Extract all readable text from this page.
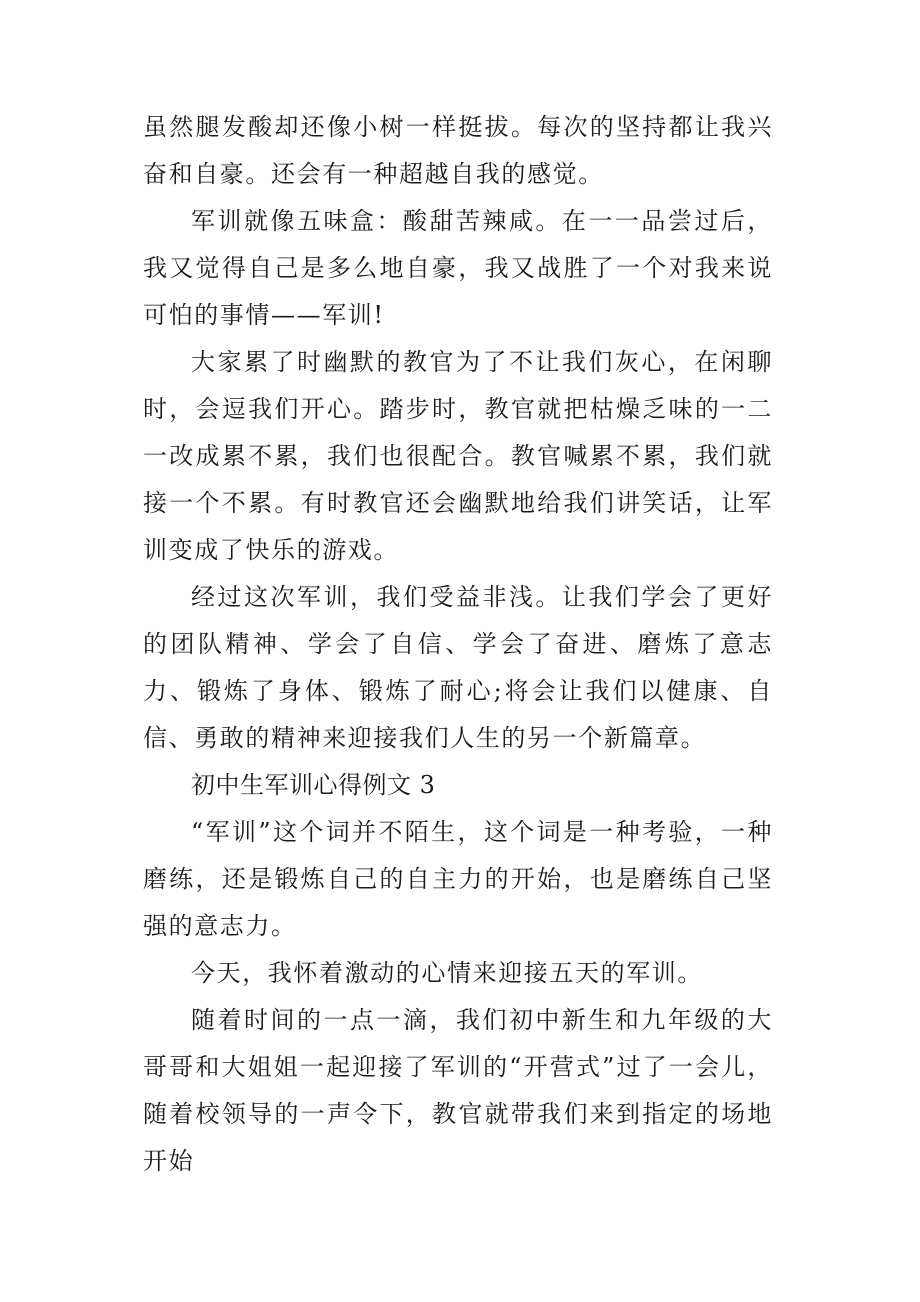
虽然腿发酸却还像小树一样挺拔。每次的坚持都让我兴奋和自豪。还会有一种超越自我的感觉。

军训就像五味盒：酸甜苦辣咸。在一一品尝过后，我又觉得自己是多么地自豪，我又战胜了一个对我来说可怕的事情——军训!

大家累了时幽默的教官为了不让我们灰心，在闲聊时，会逗我们开心。踏步时，教官就把枯燥乏味的一二一改成累不累，我们也很配合。教官喊累不累，我们就接一个不累。有时教官还会幽默地给我们讲笑话，让军训变成了快乐的游戏。

经过这次军训，我们受益非浅。让我们学会了更好的团队精神、学会了自信、学会了奋进、磨炼了意志力、锻炼了身体、锻炼了耐心;将会让我们以健康、自信、勇敢的精神来迎接我们人生的另一个新篇章。

初中生军训心得例文 3

“军训”这个词并不陌生，这个词是一种考验，一种磨练，还是锻炼自己的自主力的开始，也是磨练自己坚强的意志力。

今天，我怀着激动的心情来迎接五天的军训。

随着时间的一点一滴，我们初中新生和九年级的大哥哥和大姐姐一起迎接了军训的“开营式”过了一会儿，随着校领导的一声令下，教官就带我们来到指定的场地开始
